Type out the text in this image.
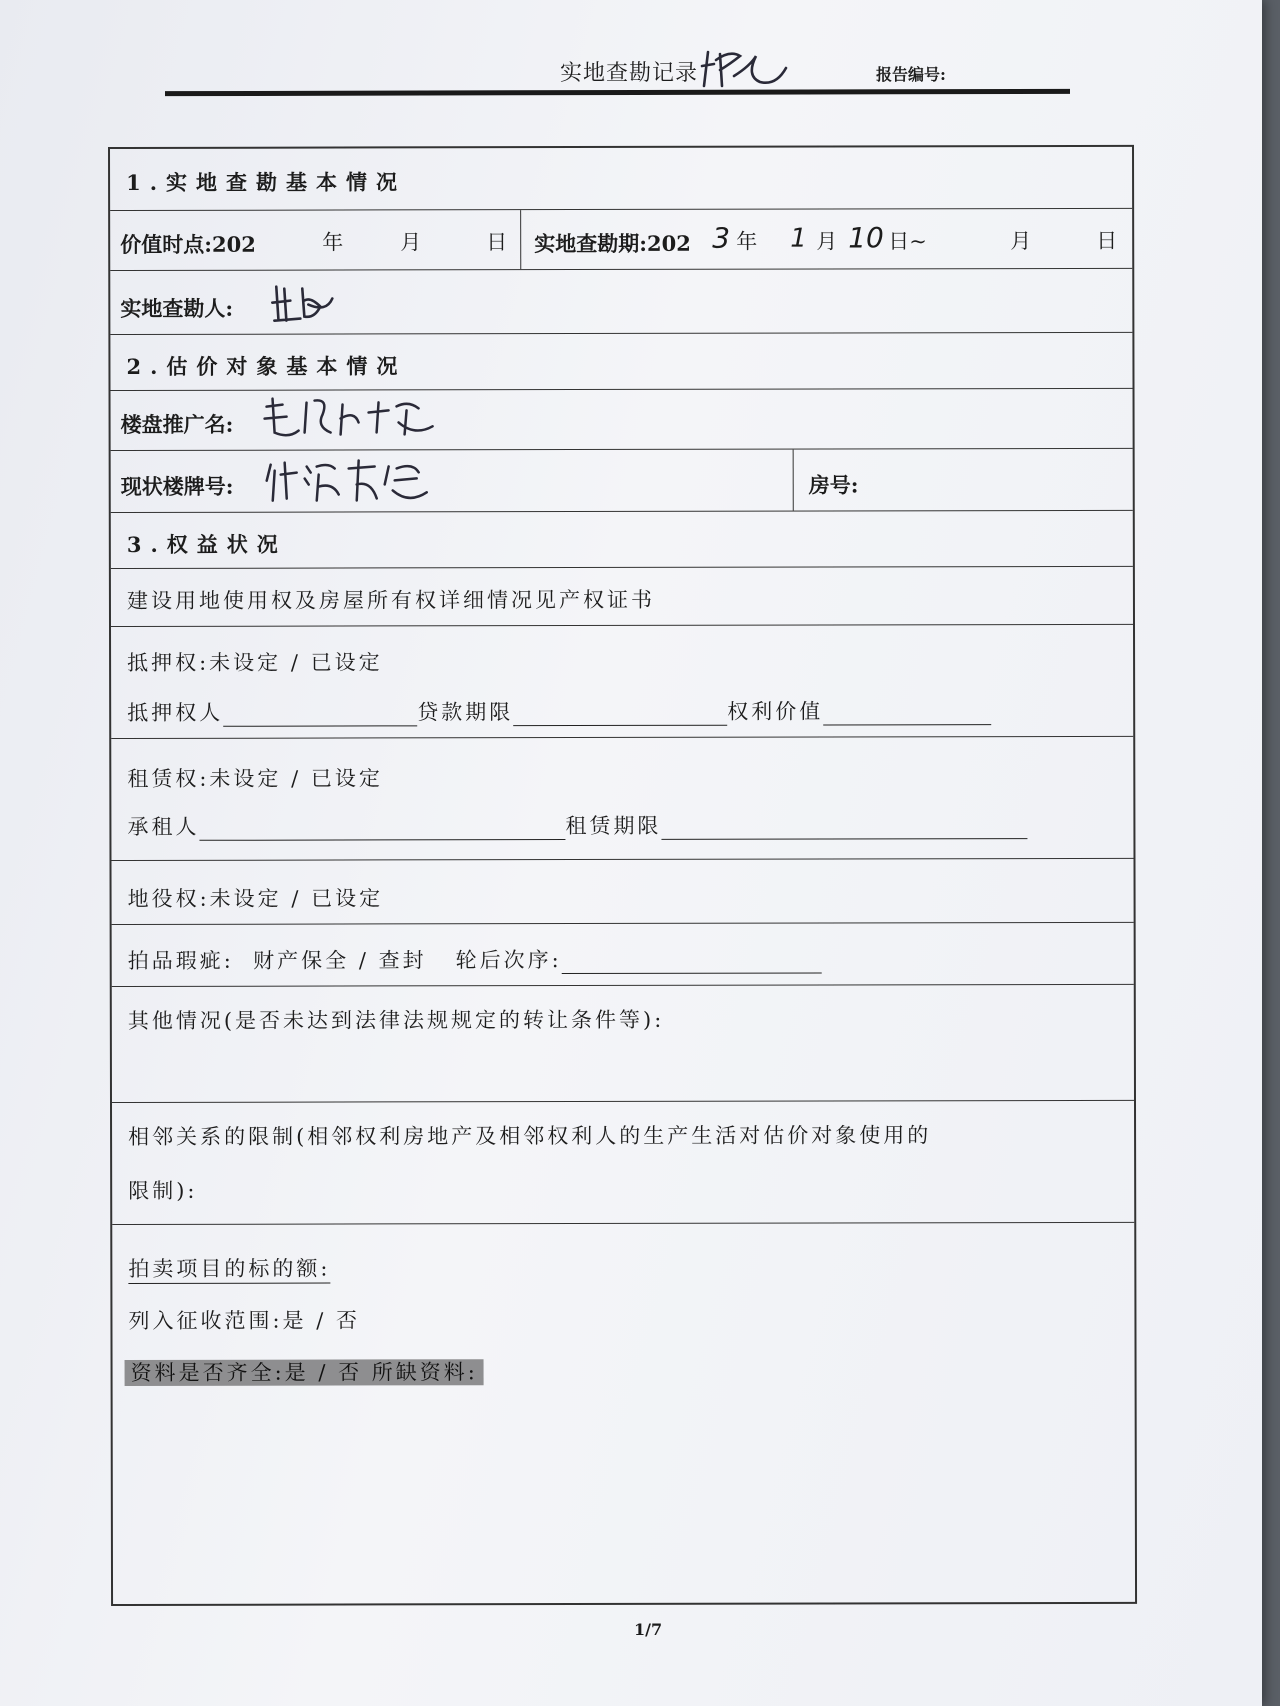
实地查勘记录	报告编号:
1.实地查勘基本情况
价值时点:202	年	月	日 实地查勘期:202 3 年 1 月 10 日~	月	日
实地查勘人:
2.估价对象基本情况
楼盘推广名:
现状楼牌号:	房号:
3.权益状况
建设用地使用权及房屋所有权详细情况见产权证书
抵押权:未设定 / 已设定
抵押权人	贷款期限	权利价值
租赁权:未设定 / 已设定
承租人	租赁期限
地役权:未设定 / 已设定
拍品瑕疵: 财产保全 / 查封 轮后次序:
其他情况(是否未达到法律法规规定的转让条件等):
相邻关系的限制(相邻权利房地产及相邻权利人的生产生活对估价对象使用的
限制):
拍卖项目的标的额:
列入征收范围:是 / 否
资料是否齐全:是 / 否 所缺资料:
1/7
